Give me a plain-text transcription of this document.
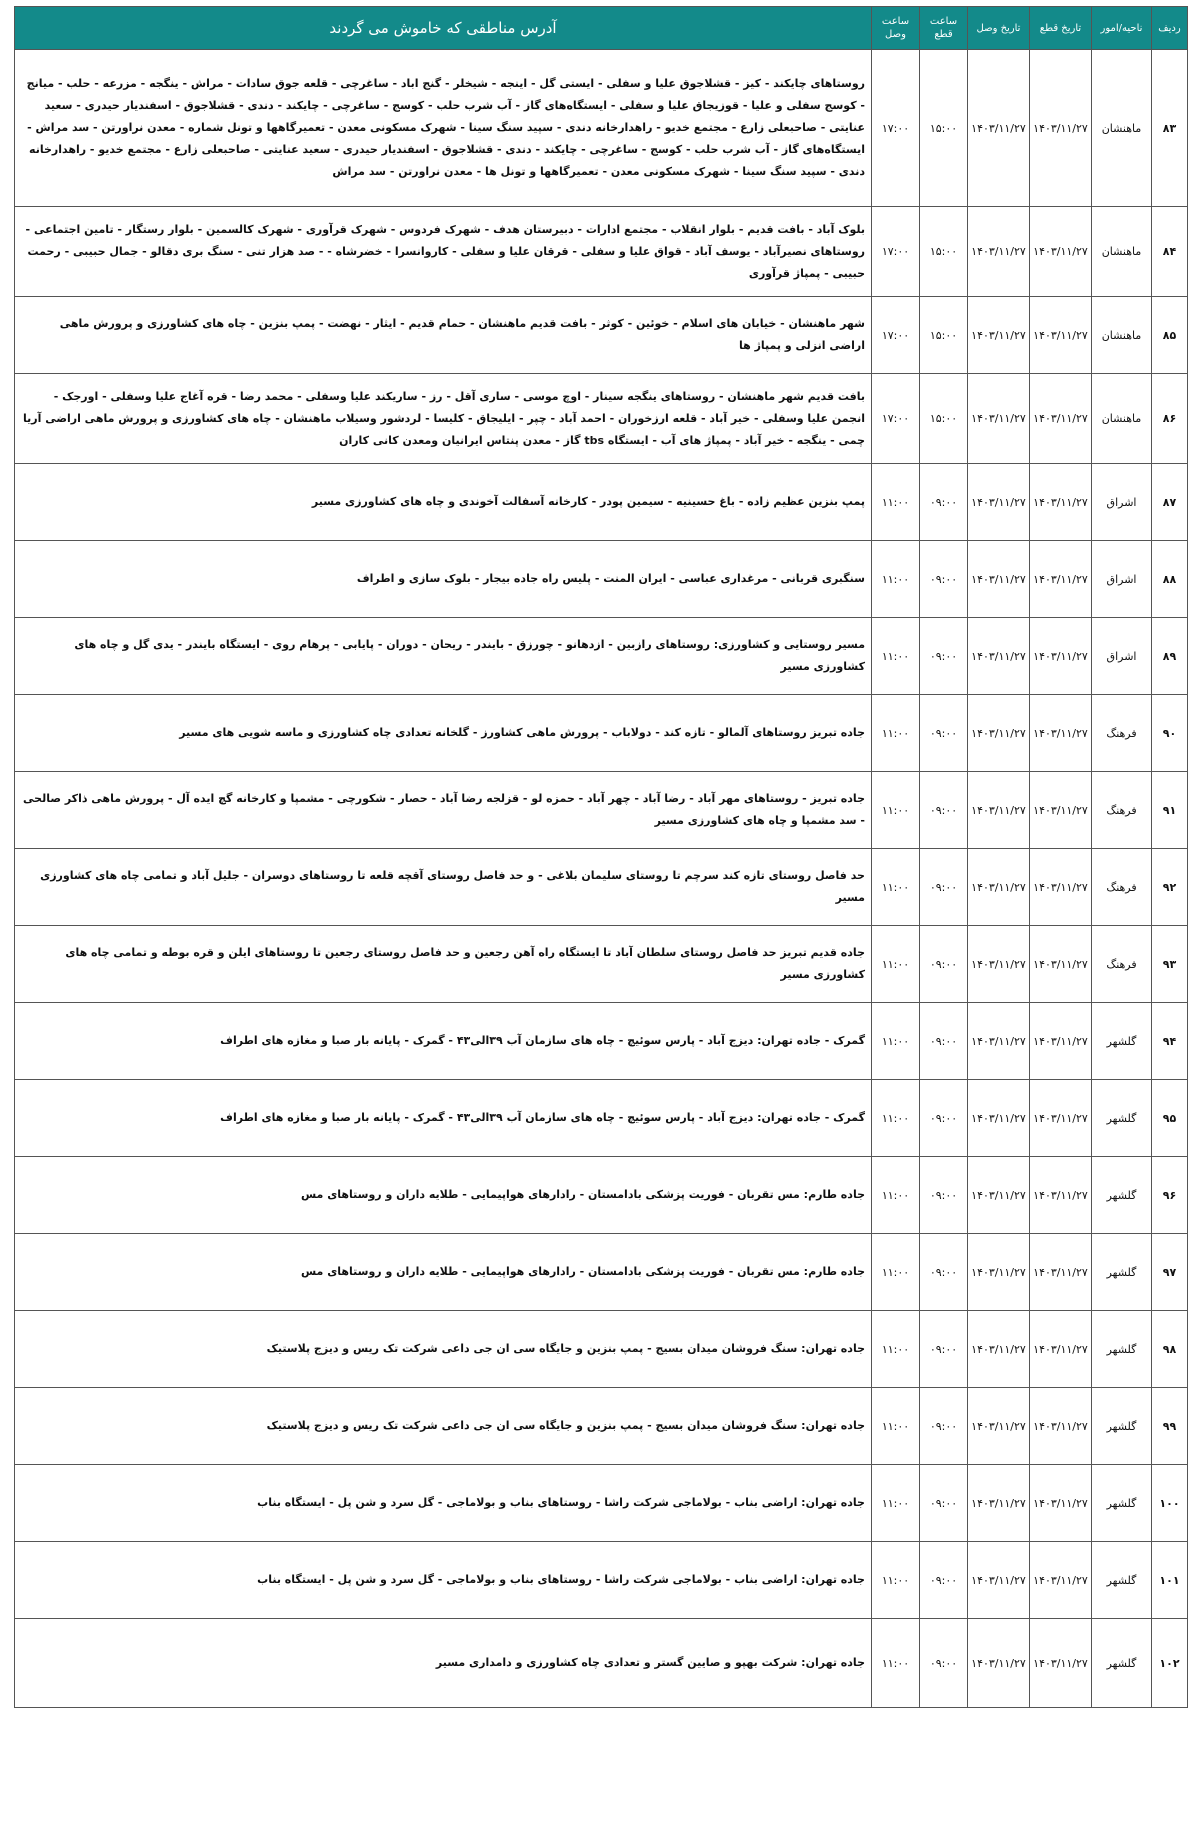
ردیف	ناحیه/امور	تاریخ قطع	تاریخ وصل	ساعت قطع	ساعت وصل	آدرس مناطقی که خاموش می گردند
۸۳	ماهنشان	۱۴۰۳/۱۱/۲۷	۱۴۰۳/۱۱/۲۷	۱۵:۰۰	۱۷:۰۰	روستاهای چایکند - کیز - قشلاجوق علیا و سفلی - ایستی گل - اینجه - شیخلر - گنج اباد - ساغرچی - قلعه جوق سادات - مراش - ینگجه - مزرعه - حلب - میانج - کوسج سفلی و علیا - قوزیجاق علیا و سفلی - ایستگاه‌های گاز - آب شرب حلب - کوسج - ساغرچی - چایکند - دندی - قشلاجوق - اسفندیار حیدری - سعید عنایتی - صاحبعلی زارع - مجتمع خدیو - راهدارخانه دندی - سپید سنگ سینا - شهرک مسکونی معدن - تعمیرگاهها و تونل شماره - معدن نراورتن - سد مراش - ایستگاه‌های گاز - آب شرب حلب - کوسج - ساغرچی - چایکند - دندی - قشلاجوق - اسفندیار حیدری - سعید عنایتی - صاحبعلی زارع - مجتمع خدیو - راهدارخانه دندی - سپید سنگ سینا - شهرک مسکونی معدن - تعمیرگاهها و تونل ها - معدن نراورتن - سد مراش
۸۴	ماهنشان	۱۴۰۳/۱۱/۲۷	۱۴۰۳/۱۱/۲۷	۱۵:۰۰	۱۷:۰۰	بلوک آباد - بافت قدیم - بلوار انقلاب - مجتمع ادارات - دبیرستان هدف - شهرک فردوس - شهرک قرآوری - شهرک کالسمین - بلوار رستگار - تامین اجتماعی - روستاهای نصیرآباد - یوسف آباد - قواق علیا و سفلی - قرقان علیا و سفلی - کاروانسرا - خضرشاه - - صد هزار تنی - سنگ بری دقالو - جمال حبیبی - رحمت حبیبی - پمپاژ قرآوری
۸۵	ماهنشان	۱۴۰۳/۱۱/۲۷	۱۴۰۳/۱۱/۲۷	۱۵:۰۰	۱۷:۰۰	شهر ماهنشان - خیابان های اسلام - خوئین - کوثر - بافت قدیم ماهنشان - حمام قدیم - ایثار - نهضت - پمپ بنزین - چاه های کشاورزی و پرورش ماهی اراضی انزلی و پمپاژ ها
۸۶	ماهنشان	۱۴۰۳/۱۱/۲۷	۱۴۰۳/۱۱/۲۷	۱۵:۰۰	۱۷:۰۰	بافت قدیم شهر ماهنشان - روستاهای ینگجه سینار - اوچ موسی - ساری آقل - رز - ساریکند علیا وسفلی - محمد رضا - قره آغاج علیا وسفلی - اورجک - انجمن علیا وسفلی - خیر آباد - قلعه ارزخوران - احمد آباد - چپر - ایلیجاق - کلیسا - لردشور وسیلاب ماهنشان - چاه های کشاورزی و پرورش ماهی اراضی آریا چمی - ینگجه - خیر آباد - پمپاژ های آب - ایستگاه tbs گاز - معدن پنتاس ایرانیان ومعدن کانی کاران
۸۷	اشراق	۱۴۰۳/۱۱/۲۷	۱۴۰۳/۱۱/۲۷	۰۹:۰۰	۱۱:۰۰	پمپ بنزین عظیم زاده - باغ حسینیه - سیمین پودر - کارخانه آسفالت آخوندی و چاه های کشاورزی مسیر
۸۸	اشراق	۱۴۰۳/۱۱/۲۷	۱۴۰۳/۱۱/۲۷	۰۹:۰۰	۱۱:۰۰	سنگبری قربانی - مرغداری عباسی - ایران المنت - پلیس راه جاده بیجار - بلوک سازی و اطراف
۸۹	اشراق	۱۴۰۳/۱۱/۲۷	۱۴۰۳/۱۱/۲۷	۰۹:۰۰	۱۱:۰۰	مسیر روستایی و کشاورزی: روستاهای رازبین - ازدهانو - چورزق - بایندر - ریحان - دوران - پایابی - پرهام روی - ایستگاه بایندر - یدی گل و چاه های کشاورزی مسیر
۹۰	فرهنگ	۱۴۰۳/۱۱/۲۷	۱۴۰۳/۱۱/۲۷	۰۹:۰۰	۱۱:۰۰	جاده تبریز روستاهای آلمالو - تازه کند - دولاباب - پرورش ماهی کشاورز - گلخانه تعدادی چاه کشاورزی و ماسه شویی های مسیر
۹۱	فرهنگ	۱۴۰۳/۱۱/۲۷	۱۴۰۳/۱۱/۲۷	۰۹:۰۰	۱۱:۰۰	جاده تبریز - روستاهای مهر آباد - رضا آباد - چهر آباد - حمزه لو - قزلجه رضا آباد - حصار - شکورچی - مشمپا و کارخانه گچ ایده آل - پرورش ماهی ذاکر صالحی - سد مشمپا و چاه های کشاورزی مسیر
۹۲	فرهنگ	۱۴۰۳/۱۱/۲۷	۱۴۰۳/۱۱/۲۷	۰۹:۰۰	۱۱:۰۰	حد فاصل روستای تازه کند سرچم تا روستای سلیمان بلاغی - و حد فاصل روستای آقچه قلعه تا روستاهای دوسران - جلیل آباد و تمامی چاه های کشاورزی مسیر
۹۳	فرهنگ	۱۴۰۳/۱۱/۲۷	۱۴۰۳/۱۱/۲۷	۰۹:۰۰	۱۱:۰۰	جاده قدیم تبریز حد فاصل روستای سلطان آباد تا ایستگاه راه آهن رجعین و حد فاصل روستای رجعین تا روستاهای ایلن و قره بوطه و تمامی چاه های کشاورزی مسیر
۹۴	گلشهر	۱۴۰۳/۱۱/۲۷	۱۴۰۳/۱۱/۲۷	۰۹:۰۰	۱۱:۰۰	گمرک - جاده تهران: دیزج آباد - پارس سوئیچ - چاه های سازمان آب ۳۹الی۴۳ - گمرک - پایانه بار صبا و مغازه های اطراف
۹۵	گلشهر	۱۴۰۳/۱۱/۲۷	۱۴۰۳/۱۱/۲۷	۰۹:۰۰	۱۱:۰۰	گمرک - جاده تهران: دیزج آباد - پارس سوئیچ - چاه های سازمان آب ۳۹الی۴۳ - گمرک - پایانه بار صبا و مغازه های اطراف
۹۶	گلشهر	۱۴۰۳/۱۱/۲۷	۱۴۰۳/۱۱/۲۷	۰۹:۰۰	۱۱:۰۰	جاده طارم: مس تقربان - فوریت پزشکی بادامستان - رادارهای هواپیمایی - طلایه داران و روستاهای مس
۹۷	گلشهر	۱۴۰۳/۱۱/۲۷	۱۴۰۳/۱۱/۲۷	۰۹:۰۰	۱۱:۰۰	جاده طارم: مس تقربان - فوریت پزشکی بادامستان - رادارهای هواپیمایی - طلایه داران و روستاهای مس
۹۸	گلشهر	۱۴۰۳/۱۱/۲۷	۱۴۰۳/۱۱/۲۷	۰۹:۰۰	۱۱:۰۰	جاده تهران: سنگ فروشان میدان بسیج - پمپ بنزین و جایگاه سی ان جی داعی شرکت تک ریس و دیزج پلاستیک
۹۹	گلشهر	۱۴۰۳/۱۱/۲۷	۱۴۰۳/۱۱/۲۷	۰۹:۰۰	۱۱:۰۰	جاده تهران: سنگ فروشان میدان بسیج - پمپ بنزین و جایگاه سی ان جی داعی شرکت تک ریس و دیزج پلاستیک
۱۰۰	گلشهر	۱۴۰۳/۱۱/۲۷	۱۴۰۳/۱۱/۲۷	۰۹:۰۰	۱۱:۰۰	جاده تهران: اراضی بناب - بولاماجی شرکت راشا - روستاهای بناب و بولاماجی - گل سرد و شن پل - ایستگاه بناب
۱۰۱	گلشهر	۱۴۰۳/۱۱/۲۷	۱۴۰۳/۱۱/۲۷	۰۹:۰۰	۱۱:۰۰	جاده تهران: اراضی بناب - بولاماجی شرکت راشا - روستاهای بناب و بولاماجی - گل سرد و شن پل - ایستگاه بناب
۱۰۲	گلشهر	۱۴۰۳/۱۱/۲۷	۱۴۰۳/۱۱/۲۷	۰۹:۰۰	۱۱:۰۰	جاده تهران: شرکت بهپو و صایین گستر و تعدادی چاه کشاورزی و دامداری مسیر
